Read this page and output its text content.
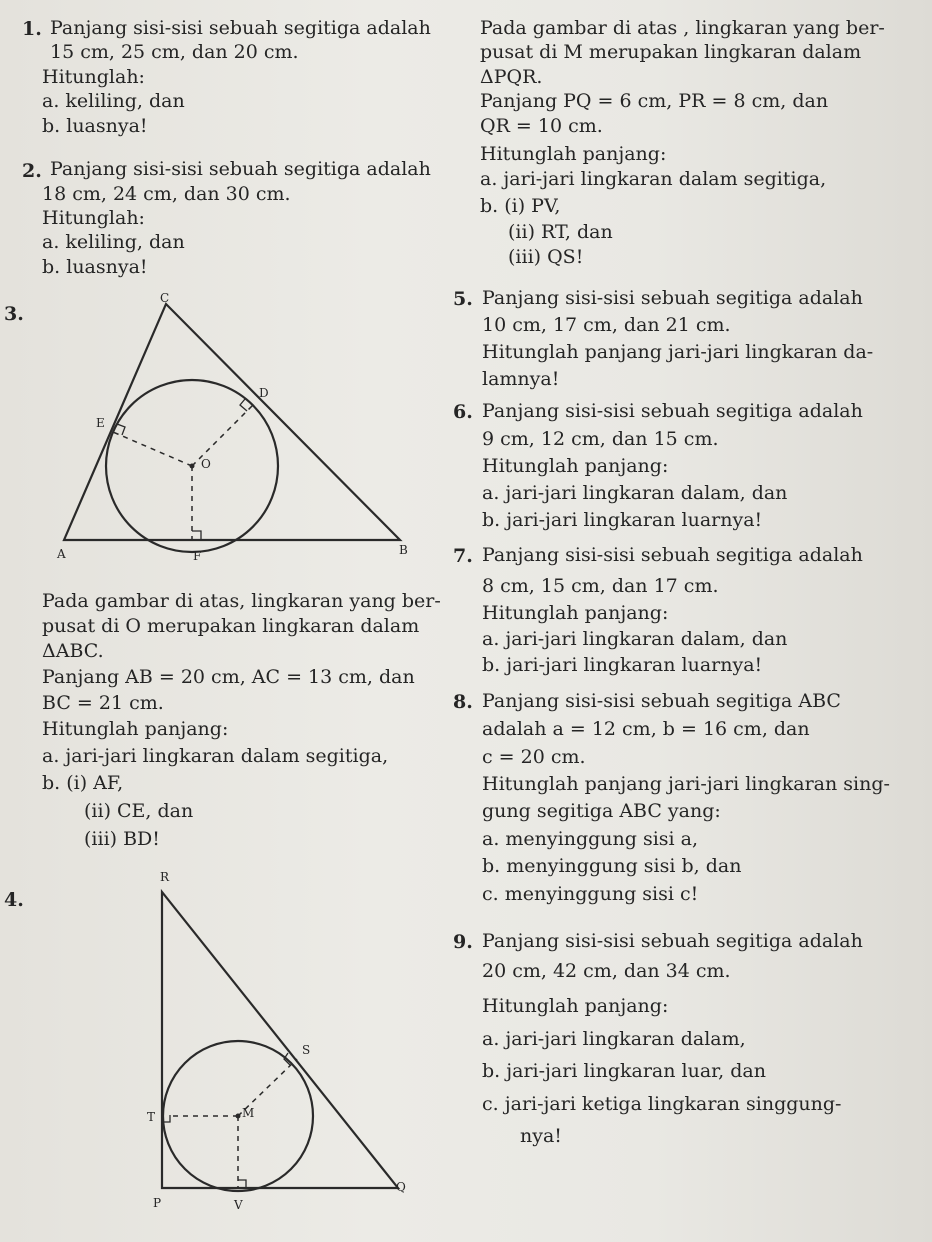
1. Panjang sisi-sisi sebuah segitiga adalah
15 cm, 25 cm, dan 20 cm.
Hitunglah:
a. keliling, dan
b. luasnya!
2. Panjang sisi-sisi sebuah segitiga adalah
18 cm, 24 cm, dan 30 cm.
Hitunglah:
a. keliling, dan
b. luasnya!
3.
C
D
E
O
A	F	B
Pada gambar di atas, lingkaran yang ber-
pusat di O merupakan lingkaran dalam
ΔABC.
Panjang AB = 20 cm, AC = 13 cm, dan
BC = 21 cm.
Hitunglah panjang:
a. jari-jari lingkaran dalam segitiga,
b. (i) AF,
(ii) CE, dan
(iii) BD!
4.
R
S
T	M
P	V
Q
Pada gambar di atas , lingkaran yang ber-
pusat di M merupakan lingkaran dalam
ΔPQR.
Panjang PQ = 6 cm, PR = 8 cm, dan
QR = 10 cm.
Hitunglah panjang:
a. jari-jari lingkaran dalam segitiga,
b. (i) PV,
(ii) RT, dan
(iii) QS!
5. Panjang sisi-sisi sebuah segitiga adalah
10 cm, 17 cm, dan 21 cm.
Hitunglah panjang jari-jari lingkaran da-
lamnya!
6. Panjang sisi-sisi sebuah segitiga adalah
9 cm, 12 cm, dan 15 cm.
Hitunglah panjang:
a. jari-jari lingkaran dalam, dan
b. jari-jari lingkaran luarnya!
7. Panjang sisi-sisi sebuah segitiga adalah
8 cm, 15 cm, dan 17 cm.
Hitunglah panjang:
a. jari-jari lingkaran dalam, dan
b. jari-jari lingkaran luarnya!
8. Panjang sisi-sisi sebuah segitiga ABC
adalah a = 12 cm, b = 16 cm, dan
c = 20 cm.
Hitunglah panjang jari-jari lingkaran sing-
gung segitiga ABC yang:
a. menyinggung sisi a,
b. menyinggung sisi b, dan
c. menyinggung sisi c!
9. Panjang sisi-sisi sebuah segitiga adalah
20 cm, 42 cm, dan 34 cm.
Hitunglah panjang:
a. jari-jari lingkaran dalam,
b. jari-jari lingkaran luar, dan
c. jari-jari ketiga lingkaran singgung-
nya!
